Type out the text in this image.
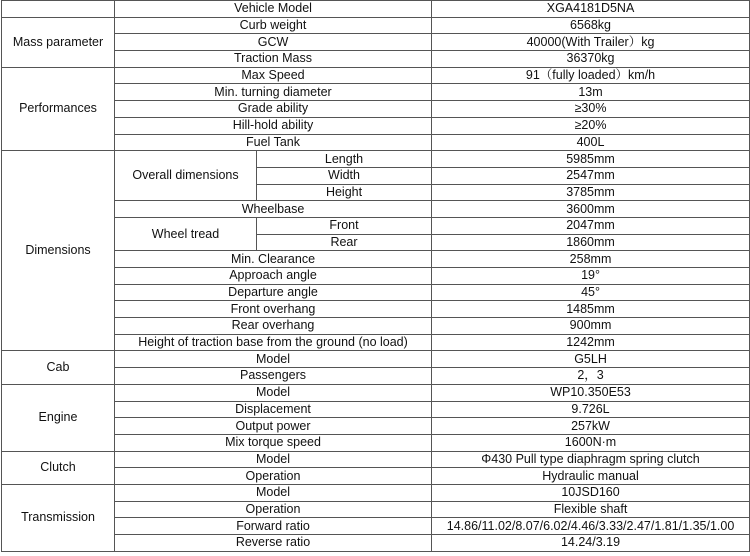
	Vehicle Model		XGA4181D5NA
Mass parameter	Curb weight		6568kg
	GCW		40000(With Trailer）kg
	Traction Mass		36370kg
Performances	Max Speed		91（fully loaded）km/h
	Min. turning diameter		13m
	Grade ability		≥30%
	Hill-hold ability		≥20%
	Fuel Tank		400L
Dimensions	Overall dimensions	Length	5985mm
		Width	2547mm
		Height	3785mm
	Wheelbase		3600mm
	Wheel tread	Front	2047mm
		Rear	1860mm
	Min. Clearance		258mm
	Approach angle		19°
	Departure angle		45°
	Front overhang		1485mm
	Rear overhang		900mm
	Height of traction base from the ground (no load)		1242mm
Cab	Model		G5LH
	Passengers		2，3
Engine	Model		WP10.350E53
	Displacement		9.726L
	Output power		257kW
	Mix torque speed		1600N·m
Clutch	Model		Φ430 Pull type diaphragm spring clutch
	Operation		Hydraulic manual
Transmission	Model		10JSD160
	Operation		Flexible shaft
	Forward ratio		14.86/11.02/8.07/6.02/4.46/3.33/2.47/1.81/1.35/1.00
	Reverse ratio		14.24/3.19
